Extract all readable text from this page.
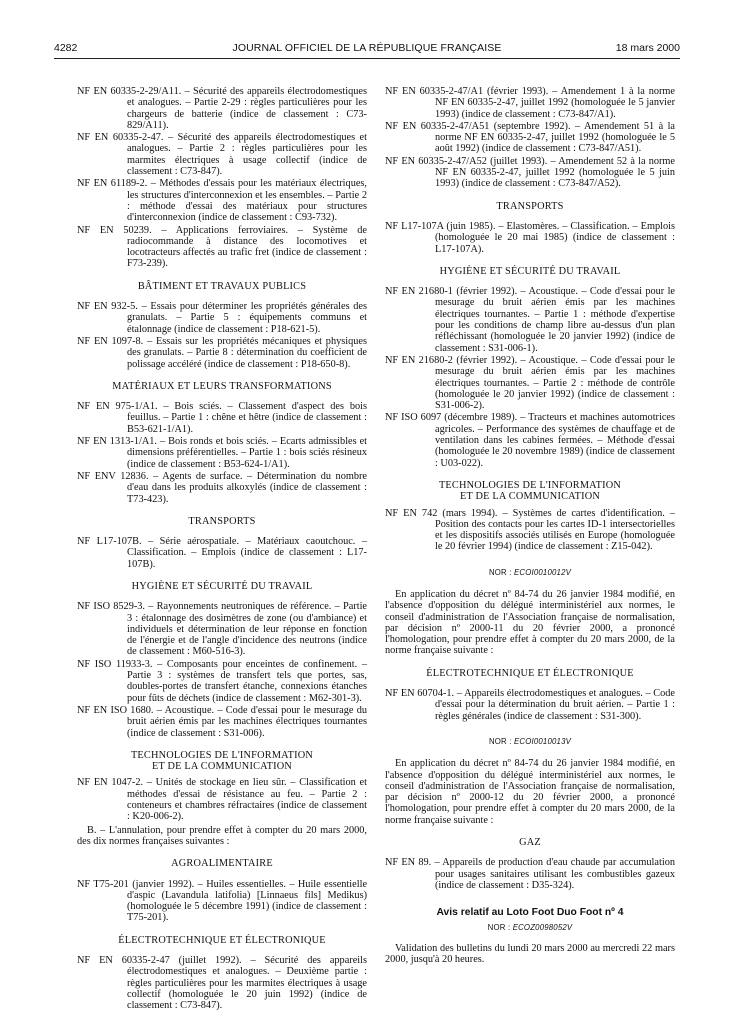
4282	JOURNAL OFFICIEL DE LA RÉPUBLIQUE FRANÇAISE	18 mars 2000
NF EN 60335-2-29/A11. – Sécurité des appareils électrodomestiques et analogues. – Partie 2-29 : règles particulières pour les chargeurs de batterie (indice de classement : C73-829/A11).
NF EN 60335-2-47. – Sécurité des appareils électrodomestiques et analogues. – Partie 2 : règles particulières pour les marmites électriques à usage collectif (indice de classement : C73-847).
NF EN 61189-2. – Méthodes d'essais pour les matériaux électriques, les structures d'interconnexion et les ensembles. – Partie 2 : méthode d'essai des matériaux pour structures d'interconnexion (indice de classement : C93-732).
NF EN 50239. – Applications ferroviaires. – Système de radiocommande à distance des locomotives et locotracteurs affectés au trafic fret (indice de classement : F73-239).
BÂTIMENT ET TRAVAUX PUBLICS
NF EN 932-5. – Essais pour déterminer les propriétés générales des granulats. – Partie 5 : équipements communs et étalonnage (indice de classement : P18-621-5).
NF EN 1097-8. – Essais sur les propriétés mécaniques et physiques des granulats. – Partie 8 : détermination du coefficient de polissage accéléré (indice de classement : P18-650-8).
MATÉRIAUX ET LEURS TRANSFORMATIONS
NF EN 975-1/A1. – Bois sciés. – Classement d'aspect des bois feuillus. – Partie 1 : chêne et hêtre (indice de classement : B53-621-1/A1).
NF EN 1313-1/A1. – Bois ronds et bois sciés. – Ecarts admissibles et dimensions préférentielles. – Partie 1 : bois sciés résineux (indice de classement : B53-624-1/A1).
NF ENV 12836. – Agents de surface. – Détermination du nombre d'eau dans les produits alkoxylés (indice de classement : T73-423).
TRANSPORTS
NF L17-107B. – Série aérospatiale. – Matériaux caoutchouc. – Classification. – Emplois (indice de classement : L17-107B).
HYGIÈNE ET SÉCURITÉ DU TRAVAIL
NF ISO 8529-3. – Rayonnements neutroniques de référence. – Partie 3 : étalonnage des dosimètres de zone (ou d'ambiance) et individuels et détermination de leur réponse en fonction de l'énergie et de l'angle d'incidence des neutrons (indice de classement : M60-516-3).
NF ISO 11933-3. – Composants pour enceintes de confinement. – Partie 3 : systèmes de transfert tels que portes, sas, doubles-portes de transfert étanche, connexions étanches pour fûts de déchets (indice de classement : M62-301-3).
NF EN ISO 1680. – Acoustique. – Code d'essai pour le mesurage du bruit aérien émis par les machines électriques tournantes (indice de classement : S31-006).
TECHNOLOGIES DE L'INFORMATION
ET DE LA COMMUNICATION
NF EN 1047-2. – Unités de stockage en lieu sûr. – Classification et méthodes d'essai de résistance au feu. – Partie 2 : conteneurs et chambres réfractaires (indice de classement : K20-006-2).

B. – L'annulation, pour prendre effet à compter du 20 mars 2000, des dix normes françaises suivantes :

AGROALIMENTAIRE
NF T75-201 (janvier 1992). – Huiles essentielles. – Huile essentielle d'aspic (Lavandula latifolia) [Linnaeus fils] Medikus) (homologuée le 5 décembre 1991) (indice de classement : T75-201).
ÉLECTROTECHNIQUE ET ÉLECTRONIQUE
NF EN 60335-2-47 (juillet 1992). – Sécurité des appareils électrodomestiques et analogues. – Deuxième partie : règles particulières pour les marmites électriques à usage collectif (homologuée le 20 juin 1992) (indice de classement : C73-847).
NF EN 60335-2-47/A1 (février 1993). – Amendement 1 à la norme NF EN 60335-2-47, juillet 1992 (homologuée le 5 janvier 1993) (indice de classement : C73-847/A1).
NF EN 60335-2-47/A51 (septembre 1992). – Amendement 51 à la norme NF EN 60335-2-47, juillet 1992 (homologuée le 5 août 1992) (indice de classement : C73-847/A51).
NF EN 60335-2-47/A52 (juillet 1993). – Amendement 52 à la norme NF EN 60335-2-47, juillet 1992 (homologuée le 5 juin 1993) (indice de classement : C73-847/A52).
TRANSPORTS
NF L17-107A (juin 1985). – Elastomères. – Classification. – Emplois (homologuée le 20 mai 1985) (indice de classement : L17-107A).
HYGIÈNE ET SÉCURITÉ DU TRAVAIL
NF EN 21680-1 (février 1992). – Acoustique. – Code d'essai pour le mesurage du bruit aérien émis par les machines électriques tournantes. – Partie 1 : méthode d'expertise pour les conditions de champ libre au-dessus d'un plan réfléchissant (homologuée le 20 janvier 1992) (indice de classement : S31-006-1).
NF EN 21680-2 (février 1992). – Acoustique. – Code d'essai pour le mesurage du bruit aérien émis par les machines électriques tournantes. – Partie 2 : méthode de contrôle (homologuée le 20 janvier 1992) (indice de classement : S31-006-2).
NF ISO 6097 (décembre 1989). – Tracteurs et machines automotrices agricoles. – Performance des systèmes de chauffage et de ventilation dans les cabines fermées. – Méthode d'essai (homologuée le 20 novembre 1989) (indice de classement : U03-022).
TECHNOLOGIES DE L'INFORMATION
ET DE LA COMMUNICATION
NF EN 742 (mars 1994). – Systèmes de cartes d'identification. – Position des contacts pour les cartes ID-1 intersectorielles et les dispositifs associés utilisés en Europe (homologuée le 20 février 1994) (indice de classement : Z15-042).
NOR : ECOI0010012V

En application du décret nº 84-74 du 26 janvier 1984 modifié, en l'absence d'opposition du délégué interministériel aux normes, le conseil d'administration de l'Association française de normalisation, par décision nº 2000-11 du 20 février 2000, a prononcé l'homologation, pour prendre effet à compter du 20 mars 2000, de la norme française suivante :

ÉLECTROTECHNIQUE ET ÉLECTRONIQUE
NF EN 60704-1. – Appareils électrodomestiques et analogues. – Code d'essai pour la détermination du bruit aérien. – Partie 1 : règles générales (indice de classement : S31-300).
NOR : ECOI0010013V

En application du décret nº 84-74 du 26 janvier 1984 modifié, en l'absence d'opposition du délégué interministériel aux normes, le conseil d'administration de l'Association française de normalisation, par décision nº 2000-12 du 20 février 2000, a prononcé l'homologation, pour prendre effet à compter du 20 mars 2000, de la norme française suivante :

GAZ
NF EN 89. – Appareils de production d'eau chaude par accumulation pour usages sanitaires utilisant les combustibles gazeux (indice de classement : D35-324).
Avis relatif au Loto Foot Duo Foot nº 4
NOR : ECOZ0098052V

Validation des bulletins du lundi 20 mars 2000 au mercredi 22 mars 2000, jusqu'à 20 heures.
